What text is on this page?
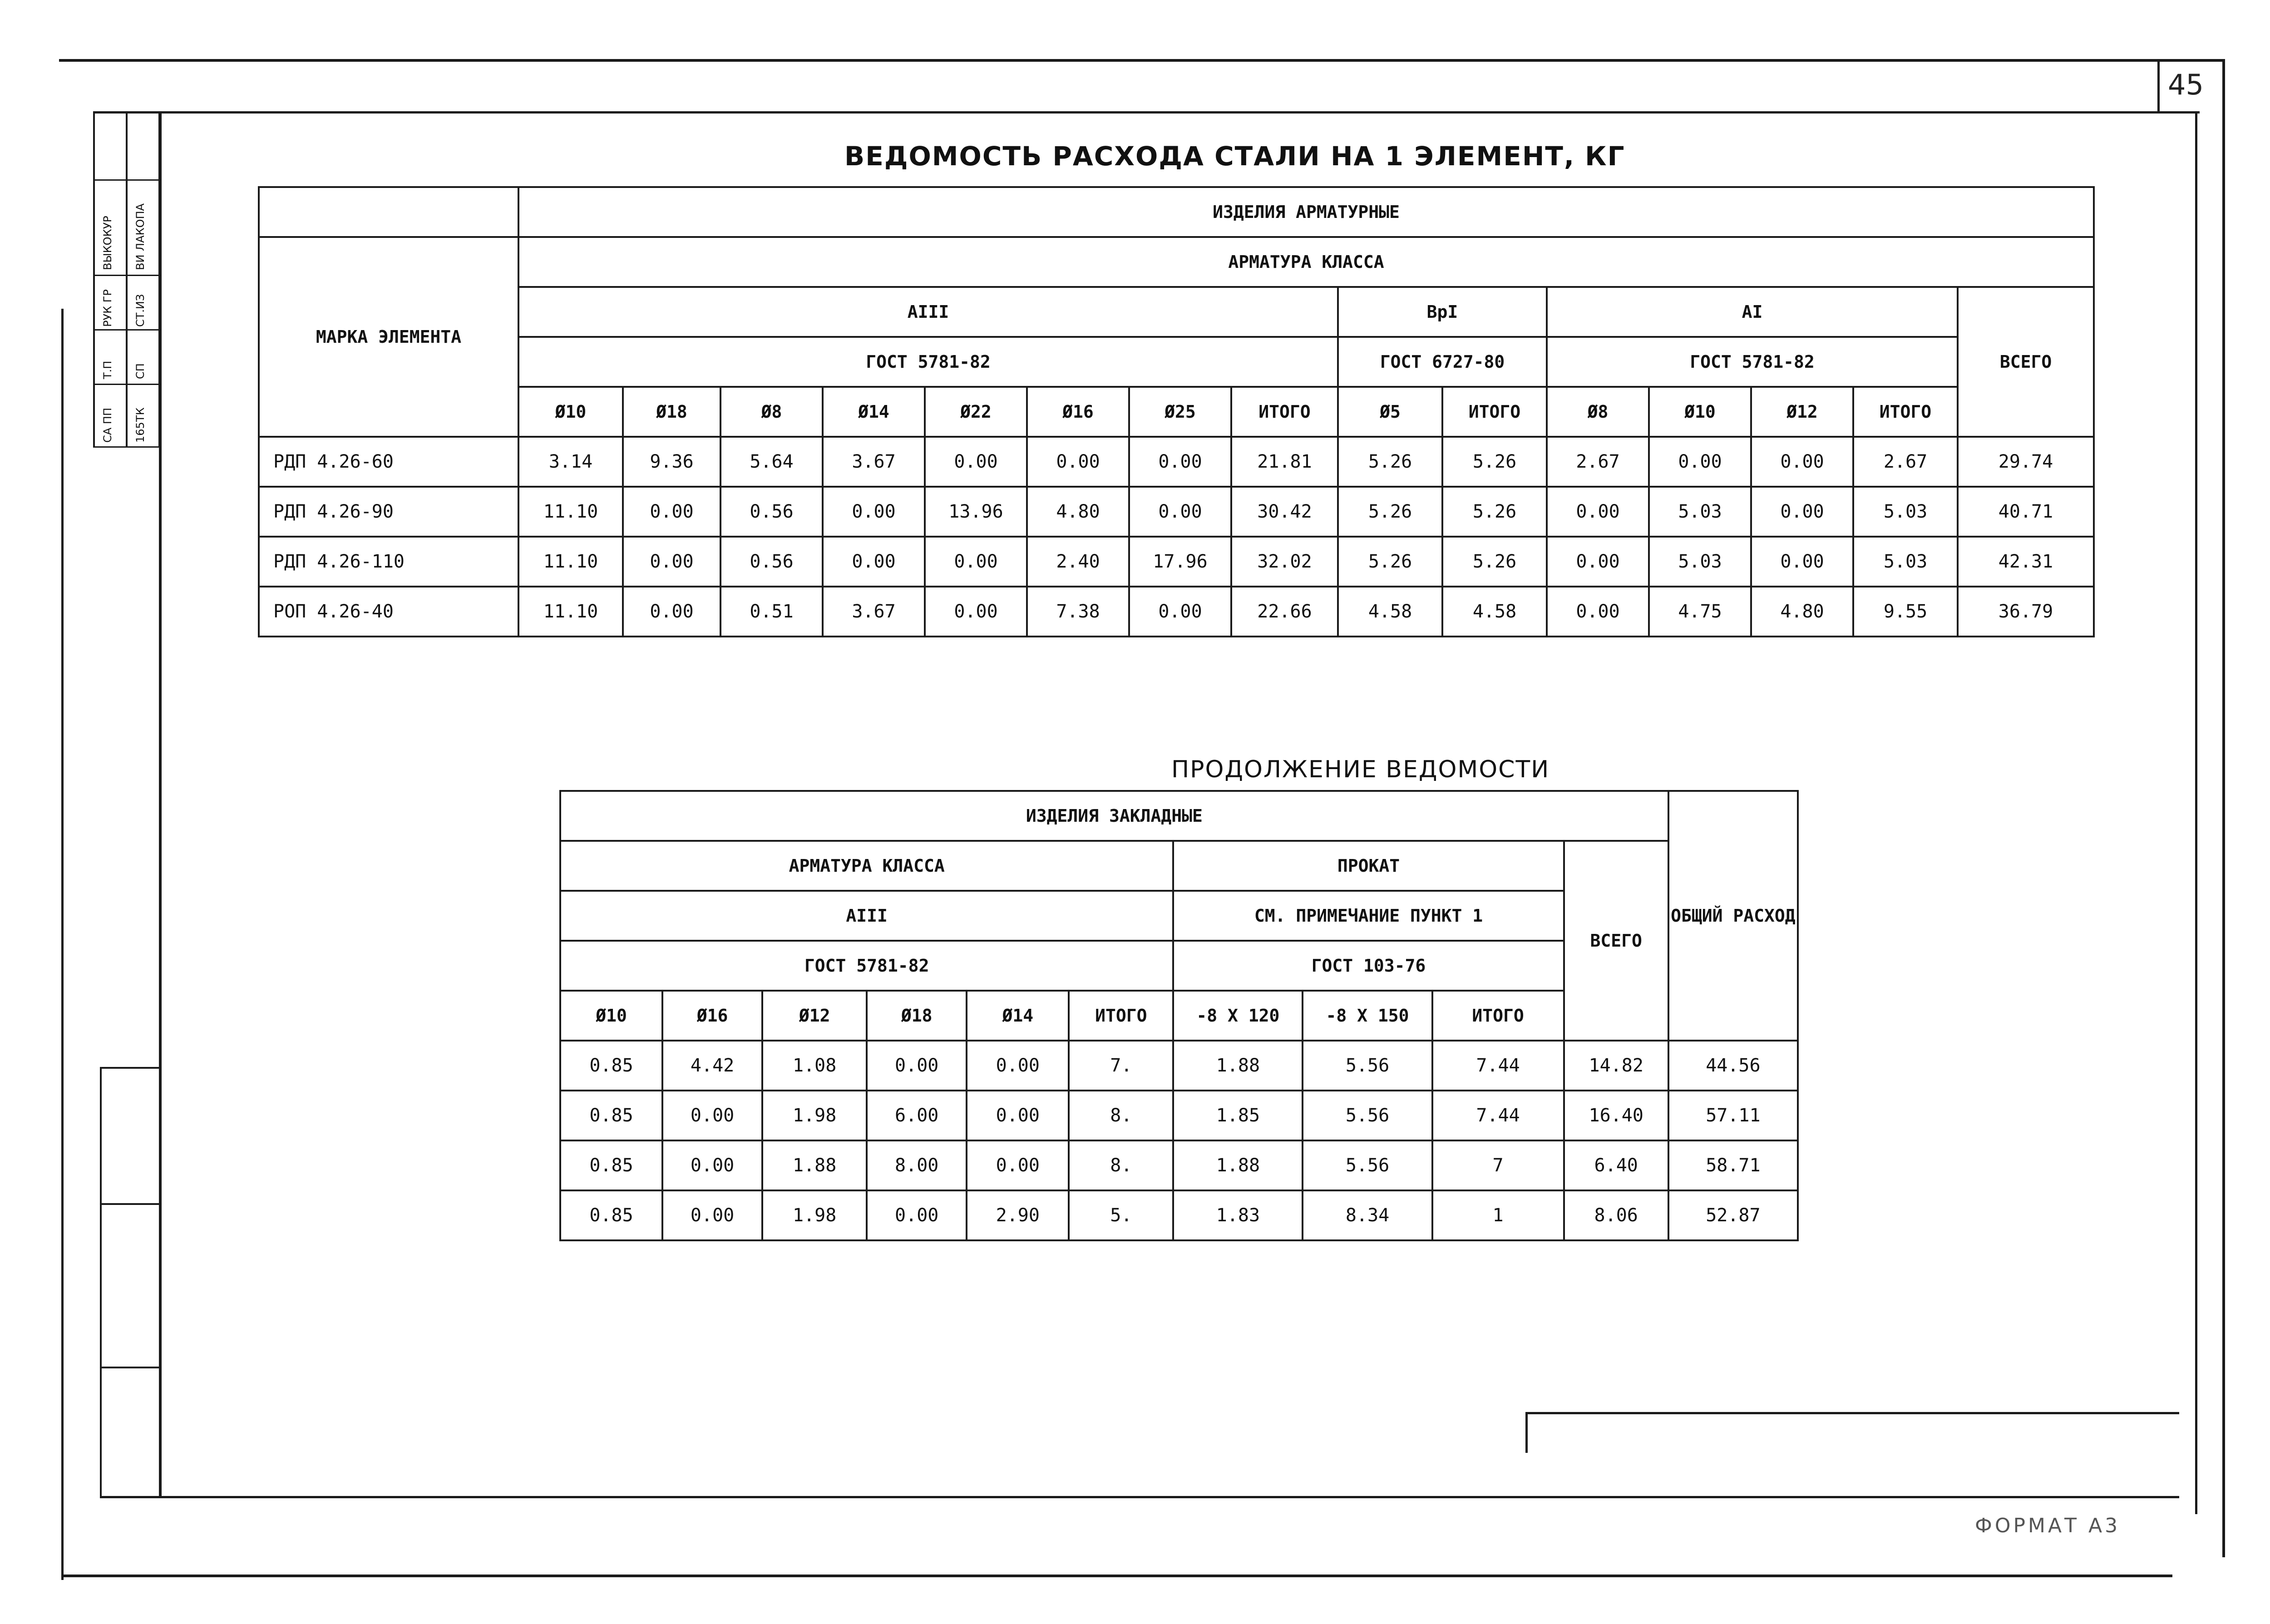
45
СА ПП
Т.П
РУК ГР
ВЫКОКУР
165ТК
СП
СТ.ИЗ
ВИ ЛАКОПА
ВЕДОМОСТЬ РАСХОДА СТАЛИ НА 1 ЭЛЕМЕНТ, КГ
	ИЗДЕЛИЯ АРМАТУРНЫЕ														
МАРКА ЭЛЕМЕНТА	АРМАТУРА КЛАССА														
	АIII								ВрI		АI				ВСЕГО
	ГОСТ 5781-82								ГОСТ 6727-80		ГОСТ 5781-82				
	Ø10	Ø18	Ø8	Ø14	Ø22	Ø16	Ø25	ИТОГО	Ø5	ИТОГО	Ø8	Ø10	Ø12	ИТОГО	
РДП 4.26-60	3.14	9.36	5.64	3.67	0.00	0.00	0.00	21.81	5.26	5.26	2.67	0.00	0.00	2.67	29.74
РДП 4.26-90	11.10	0.00	0.56	0.00	13.96	4.80	0.00	30.42	5.26	5.26	0.00	5.03	0.00	5.03	40.71
РДП 4.26-110	11.10	0.00	0.56	0.00	0.00	2.40	17.96	32.02	5.26	5.26	0.00	5.03	0.00	5.03	42.31
РОП 4.26-40	11.10	0.00	0.51	3.67	0.00	7.38	0.00	22.66	4.58	4.58	0.00	4.75	4.80	9.55	36.79
ПРОДОЛЖЕНИЕ ВЕДОМОСТИ
ИЗДЕЛИЯ ЗАКЛАДНЫЕ										ОБЩИЙ РАСХОД
АРМАТУРА КЛАССА						ПРОКАТ			ВСЕГО	
АIII						СМ. ПРИМЕЧАНИЕ ПУНКТ 1				
ГОСТ 5781-82						ГОСТ 103-76				
Ø10	Ø16	Ø12	Ø18	Ø14	ИТОГО	-8 Х 120	-8 Х 150	ИТОГО		
0.85	4.42	1.08	0.00	0.00	7.	1.88	5.56	7.44	14.82	44.56
0.85	0.00	1.98	6.00	0.00	8.	1.85	5.56	7.44	16.40	57.11
0.85	0.00	1.88	8.00	0.00	8.	1.88	5.56	7	6.40	58.71
0.85	0.00	1.98	0.00	2.90	5.	1.83	8.34	1	8.06	52.87
ФОРМАТ А3
